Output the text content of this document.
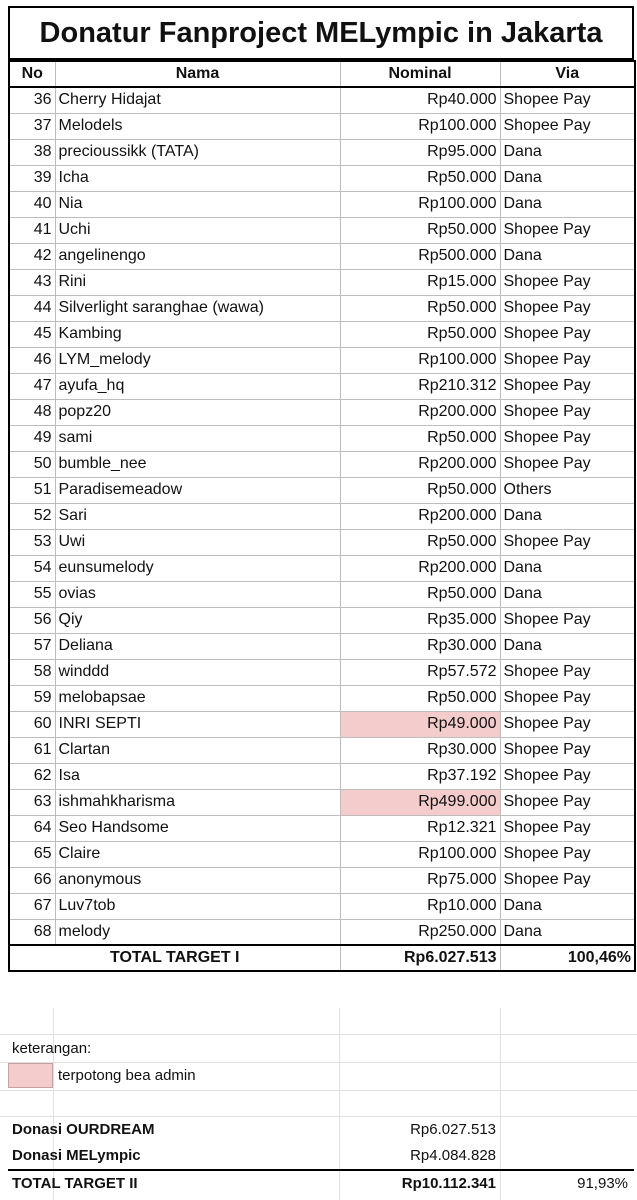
Donatur Fanproject MELympic in Jakarta
No	Nama	Nominal	Via
36	Cherry Hidajat	Rp40.000	Shopee Pay
37	Melodels	Rp100.000	Shopee Pay
38	precioussikk (TATA)	Rp95.000	Dana
39	Icha	Rp50.000	Dana
40	Nia	Rp100.000	Dana
41	Uchi	Rp50.000	Shopee Pay
42	angelinengo	Rp500.000	Dana
43	Rini	Rp15.000	Shopee Pay
44	Silverlight saranghae (wawa)	Rp50.000	Shopee Pay
45	Kambing	Rp50.000	Shopee Pay
46	LYM_melody	Rp100.000	Shopee Pay
47	ayufa_hq	Rp210.312	Shopee Pay
48	popz20	Rp200.000	Shopee Pay
49	sami	Rp50.000	Shopee Pay
50	bumble_nee	Rp200.000	Shopee Pay
51	Paradisemeadow	Rp50.000	Others
52	Sari	Rp200.000	Dana
53	Uwi	Rp50.000	Shopee Pay
54	eunsumelody	Rp200.000	Dana
55	ovias	Rp50.000	Dana
56	Qiy	Rp35.000	Shopee Pay
57	Deliana	Rp30.000	Dana
58	winddd	Rp57.572	Shopee Pay
59	melobapsae	Rp50.000	Shopee Pay
60	INRI SEPTI	Rp49.000	Shopee Pay
61	Clartan	Rp30.000	Shopee Pay
62	Isa	Rp37.192	Shopee Pay
63	ishmahkharisma	Rp499.000	Shopee Pay
64	Seo Handsome	Rp12.321	Shopee Pay
65	Claire	Rp100.000	Shopee Pay
66	anonymous	Rp75.000	Shopee Pay
67	Luv7tob	Rp10.000	Dana
68	melody	Rp250.000	Dana
TOTAL TARGET I		Rp6.027.513	100,46%
keterangan:
terpotong bea admin
Donasi OURDREAM	Rp6.027.513
Donasi MELympic	Rp4.084.828
TOTAL TARGET II	Rp10.112.341	91,93%
